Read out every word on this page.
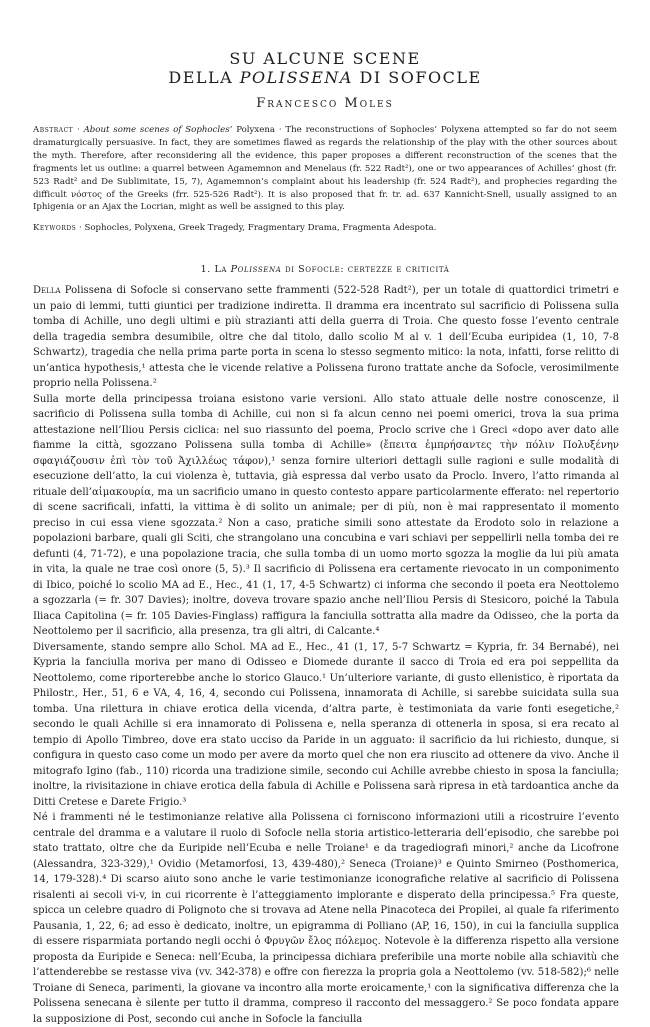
SU ALCUNE SCENE
DELLA POLISSENA DI SOFOCLE
Francesco Moles
Abstract · About some scenes of Sophocles’ Polyxena · The reconstructions of Sophocles’ Polyxena attempted so far do not seem dramaturgically persuasive. In fact, they are sometimes flawed as regards the relationship of the play with the other sources about the myth. Therefore, after reconsidering all the evidence, this paper proposes a different reconstruction of the scenes that the fragments let us outline: a quarrel between Agamemnon and Menelaus (fr. 522 Radt²), one or two appearances of Achilles’ ghost (fr. 523 Radt² and De Sublimitate, 15, 7), Agamemnon’s complaint about his leadership (fr. 524 Radt²), and prophecies regarding the difficult νόστος of the Greeks (frr. 525-526 Radt²). It is also proposed that fr. tr. ad. 637 Kannicht-Snell, usually assigned to an Iphigenia or an Ajax the Locrian, might as well be assigned to this play.
Keywords · Sophocles, Polyxena, Greek Tragedy, Fragmentary Drama, Fragmenta Adespota.
1. La Polissena di Sofocle: certezze e criticità

Della Polissena di Sofocle si conservano sette frammenti (522-528 Radt²), per un totale di quattordici trimetri e un paio di lemmi, tutti giuntici per tradizione indiretta. Il dramma era incentrato sul sacrificio di Polissena sulla tomba di Achille, uno degli ultimi e più strazianti atti della guerra di Troia. Che questo fosse l’evento centrale della tragedia sembra desumibile, oltre che dal titolo, dallo scolio M al v. 1 dell’Ecuba euripidea (1, 10, 7-8 Schwartz), tragedia che nella prima parte porta in scena lo stesso segmento mitico: la nota, infatti, forse relitto di un’antica hypothesis,¹ attesta che le vicende relative a Polissena furono trattate anche da Sofocle, verosimilmente proprio nella Polissena.²

Sulla morte della principessa troiana esistono varie versioni. Allo stato attuale delle nostre conoscenze, il sacrificio di Polissena sulla tomba di Achille, cui non si fa alcun cenno nei poemi omerici, trova la sua prima attestazione nell’Iliou Persis ciclica: nel suo riassunto del poema, Proclo scrive che i Greci «dopo aver dato alle fiamme la città, sgozzano Polissena sulla tomba di Achille» (ἔπειτα ἐμπρήσαντες τὴν πόλιν Πολυξένην σφαγιάζουσιν ἐπὶ τὸν τοῦ Ἀχιλλέως τάφον),¹ senza fornire ulteriori dettagli sulle ragioni e sulle modalità di esecuzione dell’atto, la cui violenza è, tuttavia, già espressa dal verbo usato da Proclo. Invero, l’atto rimanda al rituale dell’αἱμακουρία, ma un sacrificio umano in questo contesto appare particolarmente efferato: nel repertorio di scene sacrificali, infatti, la vittima è di solito un animale; per di più, non è mai rappresentato il momento preciso in cui essa viene sgozzata.² Non a caso, pratiche simili sono attestate da Erodoto solo in relazione a popolazioni barbare, quali gli Sciti, che strangolano una concubina e vari schiavi per seppellirli nella tomba dei re defunti (4, 71-72), e una popolazione tracia, che sulla tomba di un uomo morto sgozza la moglie da lui più amata in vita, la quale ne trae così onore (5, 5).³ Il sacrificio di Polissena era certamente rievocato in un componimento di Ibico, poiché lo scolio MA ad E., Hec., 41 (1, 17, 4-5 Schwartz) ci informa che secondo il poeta era Neottolemo a sgozzarla (= fr. 307 Davies); inoltre, doveva trovare spazio anche nell’Iliou Persis di Stesicoro, poiché la Tabula Iliaca Capitolina (= fr. 105 Davies-Finglass) raffigura la fanciulla sottratta alla madre da Odisseo, che la porta da Neottolemo per il sacrificio, alla presenza, tra gli altri, di Calcante.⁴

Diversamente, stando sempre allo Schol. MA ad E., Hec., 41 (1, 17, 5-7 Schwartz = Kypria, fr. 34 Bernabé), nei Kypria la fanciulla moriva per mano di Odisseo e Diomede durante il sacco di Troia ed era poi seppellita da Neottolemo, come riporterebbe anche lo storico Glauco.¹ Un’ulteriore variante, di gusto ellenistico, è riportata da Philostr., Her., 51, 6 e VA, 4, 16, 4, secondo cui Polissena, innamorata di Achille, si sarebbe suicidata sulla sua tomba. Una rilettura in chiave erotica della vicenda, d’altra parte, è testimoniata da varie fonti esegetiche,² secondo le quali Achille si era innamorato di Polissena e, nella speranza di ottenerla in sposa, si era recato al tempio di Apollo Timbreo, dove era stato ucciso da Paride in un agguato: il sacrificio da lui richiesto, dunque, si configura in questo caso come un modo per avere da morto quel che non era riuscito ad ottenere da vivo. Anche il mitografo Igino (fab., 110) ricorda una tradizione simile, secondo cui Achille avrebbe chiesto in sposa la fanciulla; inoltre, la rivisitazione in chiave erotica della fabula di Achille e Polissena sarà ripresa in età tardoantica anche da Ditti Cretese e Darete Frigio.³

Né i frammenti né le testimonianze relative alla Polissena ci forniscono informazioni utili a ricostruire l’evento centrale del dramma e a valutare il ruolo di Sofocle nella storia artistico-letteraria dell’episodio, che sarebbe poi stato trattato, oltre che da Euripide nell’Ecuba e nelle Troiane¹ e da tragediografi minori,² anche da Licofrone (Alessandra, 323-329),¹ Ovidio (Metamorfosi, 13, 439-480),² Seneca (Troiane)³ e Quinto Smirneo (Posthomerica, 14, 179-328).⁴ Di scarso aiuto sono anche le varie testimonianze iconografiche relative al sacrificio di Polissena risalenti ai secoli vi-v, in cui ricorrente è l’atteggiamento implorante e disperato della principessa.⁵ Fra queste, spicca un celebre quadro di Polignoto che si trovava ad Atene nella Pinacoteca dei Propilei, al quale fa riferimento Pausania, 1, 22, 6; ad esso è dedicato, inoltre, un epigramma di Polliano (AP, 16, 150), in cui la fanciulla supplica di essere risparmiata portando negli occhi ὁ Φρυγῶν ἔλος πόλεμος. Notevole è la differenza rispetto alla versione proposta da Euripide e Seneca: nell’Ecuba, la principessa dichiara preferibile una morte nobile alla schiavitù che l’attenderebbe se restasse viva (vv. 342-378) e offre con fierezza la propria gola a Neottolemo (vv. 518-582);⁶ nelle Troiane di Seneca, parimenti, la giovane va incontro alla morte eroicamente,¹ con la significativa differenza che la Polissena senecana è silente per tutto il dramma, compreso il racconto del messaggero.² Se poco fondata appare la supposizione di Post, secondo cui anche in Sofocle la fanciulla
